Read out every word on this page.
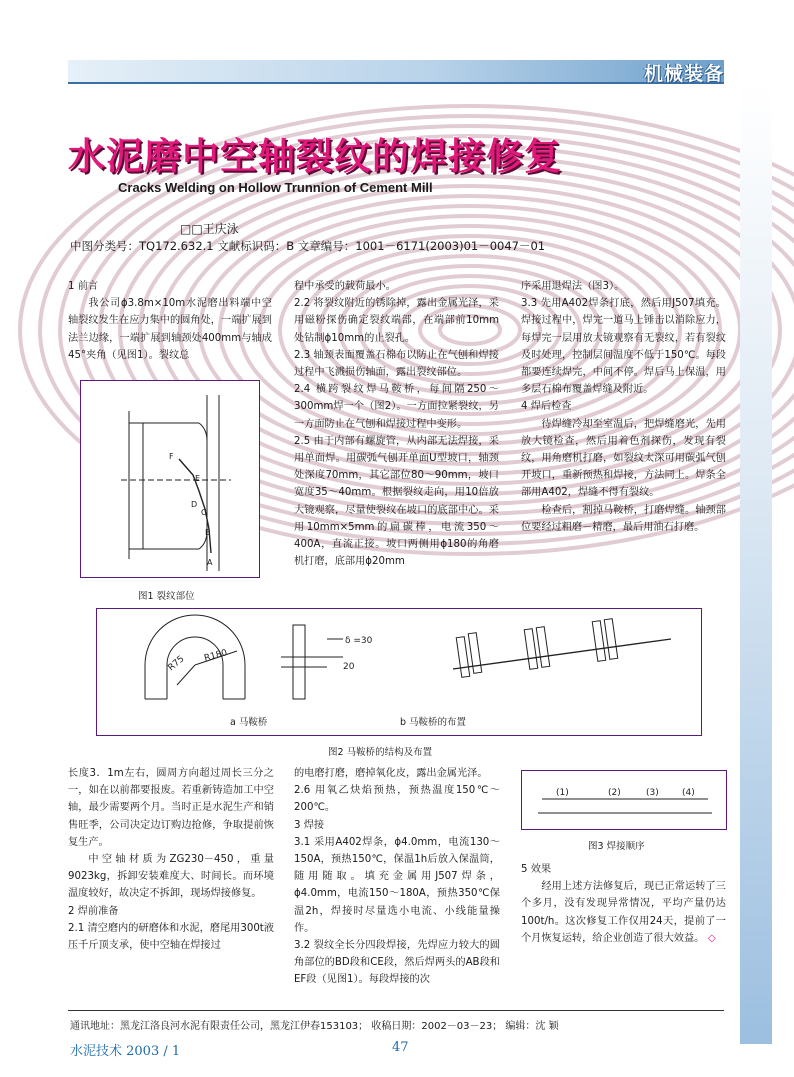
机械装备
水泥磨中空轴裂纹的焊接修复
Cracks Welding on Hollow Trunnion of Cement Mill
□□王庆泳
中图分类号：TQ172.632.1 文献标识码：B 文章编号：1001－6171(2003)01－0047－01

1 前言

我公司ϕ3.8m×10m水泥磨出料端中空轴裂纹发生在应力集中的圆角处，一端扩展到法兰边缘，一端扩展到轴颈处400mm与轴成45°夹角（见图1）。裂纹总

程中承受的载荷最小。

2.2 将裂纹附近的锈除掉，露出金属光泽，采用磁粉探伤确定裂纹端部，在端部前10mm处钻制ϕ10mm的止裂孔。

2.3 轴颈表面覆盖石棉布以防止在气刨和焊接过程中飞溅损伤轴面，露出裂纹部位。

2.4 横跨裂纹焊马鞍桥，每间隔250～300mm焊一个（图2）。一方面拉紧裂纹，另一方面防止在气刨和焊接过程中变形。

2.5 由于内部有螺旋管，从内部无法焊接，采用单面焊。用碳弧气刨开单面U型坡口，轴颈处深度70mm，其它部位80～90mm，坡口宽度35～40mm。根据裂纹走向，用10倍放大镜观察，尽量使裂纹在坡口的底部中心。采用10mm×5mm的扁碳棒，电流350～400A，直流正接。坡口两侧用ϕ180的角磨机打磨，底部用ϕ20mm

序采用退焊法（图3）。

3.3 先用A402焊条打底，然后用J507填充。焊接过程中，焊完一道马上锤击以消除应力，每焊完一层用放大镜观察有无裂纹，若有裂纹及时处理，控制层间温度不低于150℃。每段都要连续焊完，中间不停。焊后马上保温，用多层石棉布覆盖焊缝及附近。

4 焊后检查

待焊缝冷却至室温后，把焊缝磨光，先用放大镜检查，然后用着色剂探伤，发现有裂纹，用角磨机打磨，如裂纹太深可用碳弧气刨开坡口，重新预热和焊接，方法同上。焊条全部用A402，焊缝不得有裂纹。

检查后，割掉马鞍桥，打磨焊缝。轴颈部位要经过粗磨－精磨，最后用油石打磨。

长度3．1m左右，圆周方向超过周长三分之一，如在以前都要报废。若重新铸造加工中空轴，最少需要两个月。当时正是水泥生产和销售旺季，公司决定边订购边抢修，争取提前恢复生产。

中空轴材质为ZG230－450，重量9023kg，拆卸安装难度大、时间长。而环境温度较好，故决定不拆卸，现场焊接修复。

2 焊前准备

2.1 清空磨内的研磨体和水泥，磨尾用300t液压千斤顶支承，使中空轴在焊接过

的电磨打磨，磨掉氧化皮，露出金属光泽。

2.6 用氧乙炔焰预热，预热温度150℃～200℃。

3 焊接

3.1 采用A402焊条，ϕ4.0mm，电流130～150A，预热150℃，保温1h后放入保温筒，随用随取。填充金属用J507焊条，ϕ4.0mm，电流150～180A，预热350℃保温2h，焊接时尽量选小电流、小线能量操作。

3.2 裂纹全长分四段焊接，先焊应力较大的圆角部位的BD段和CE段，然后焊两头的AB段和EF段（见图1）。每段焊接的次

5 效果

经用上述方法修复后，现已正常运转了三个多月，没有发现异常情况，平均产量仍达100t/h。这次修复工作仅用24天，提前了一个月恢复运转，给企业创造了很大效益。 ◇

F
E
D
C
B
A
图1 裂纹部位
R75 R180
δ =30
20
a 马鞍桥	b 马鞍桥的布置
图2 马鞍桥的结构及布置
(1)	(2)	(3)	(4)
图3 焊接顺序
通讯地址：黑龙江洛良河水泥有限责任公司，黑龙江伊春153103； 收稿日期：2002－03－23； 编辑：沈 颖
水泥技术 2003 / 1	47
